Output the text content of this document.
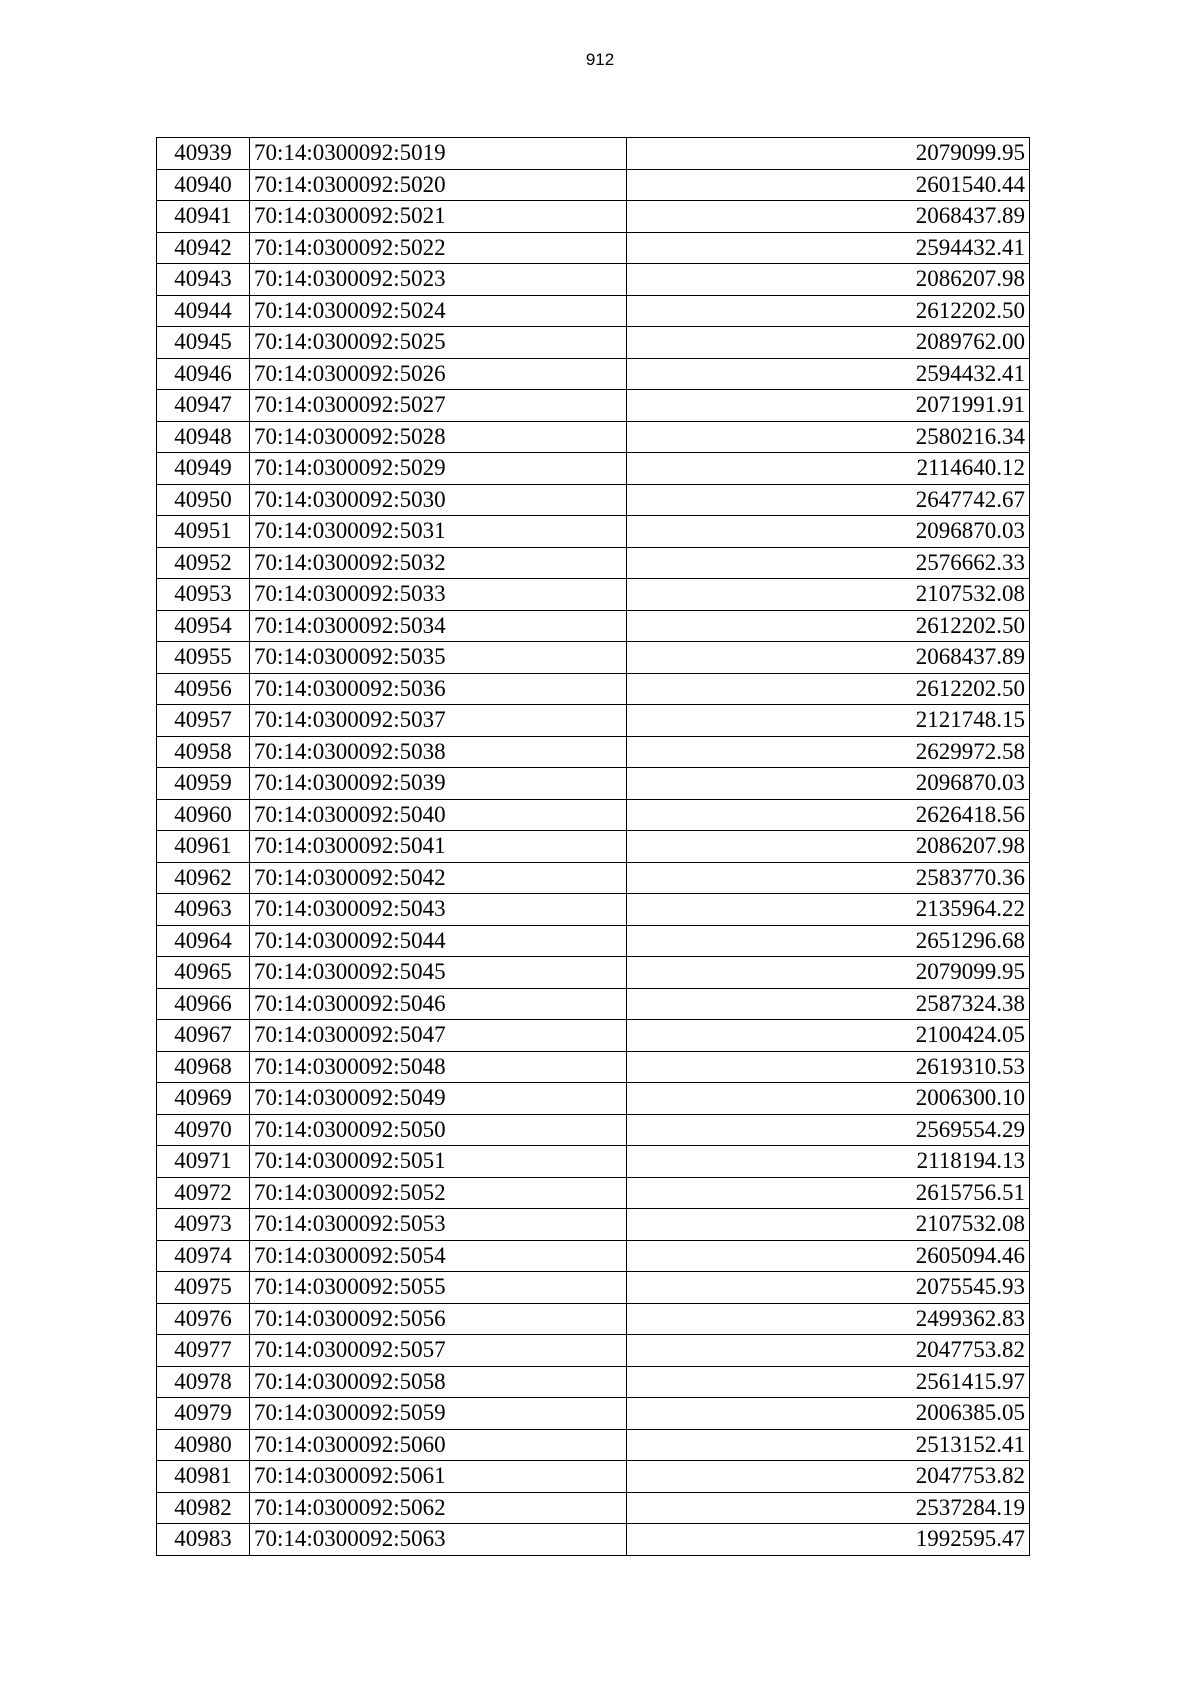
912
40939	70:14:0300092:5019	2079099.95
40940	70:14:0300092:5020	2601540.44
40941	70:14:0300092:5021	2068437.89
40942	70:14:0300092:5022	2594432.41
40943	70:14:0300092:5023	2086207.98
40944	70:14:0300092:5024	2612202.50
40945	70:14:0300092:5025	2089762.00
40946	70:14:0300092:5026	2594432.41
40947	70:14:0300092:5027	2071991.91
40948	70:14:0300092:5028	2580216.34
40949	70:14:0300092:5029	2114640.12
40950	70:14:0300092:5030	2647742.67
40951	70:14:0300092:5031	2096870.03
40952	70:14:0300092:5032	2576662.33
40953	70:14:0300092:5033	2107532.08
40954	70:14:0300092:5034	2612202.50
40955	70:14:0300092:5035	2068437.89
40956	70:14:0300092:5036	2612202.50
40957	70:14:0300092:5037	2121748.15
40958	70:14:0300092:5038	2629972.58
40959	70:14:0300092:5039	2096870.03
40960	70:14:0300092:5040	2626418.56
40961	70:14:0300092:5041	2086207.98
40962	70:14:0300092:5042	2583770.36
40963	70:14:0300092:5043	2135964.22
40964	70:14:0300092:5044	2651296.68
40965	70:14:0300092:5045	2079099.95
40966	70:14:0300092:5046	2587324.38
40967	70:14:0300092:5047	2100424.05
40968	70:14:0300092:5048	2619310.53
40969	70:14:0300092:5049	2006300.10
40970	70:14:0300092:5050	2569554.29
40971	70:14:0300092:5051	2118194.13
40972	70:14:0300092:5052	2615756.51
40973	70:14:0300092:5053	2107532.08
40974	70:14:0300092:5054	2605094.46
40975	70:14:0300092:5055	2075545.93
40976	70:14:0300092:5056	2499362.83
40977	70:14:0300092:5057	2047753.82
40978	70:14:0300092:5058	2561415.97
40979	70:14:0300092:5059	2006385.05
40980	70:14:0300092:5060	2513152.41
40981	70:14:0300092:5061	2047753.82
40982	70:14:0300092:5062	2537284.19
40983	70:14:0300092:5063	1992595.47
